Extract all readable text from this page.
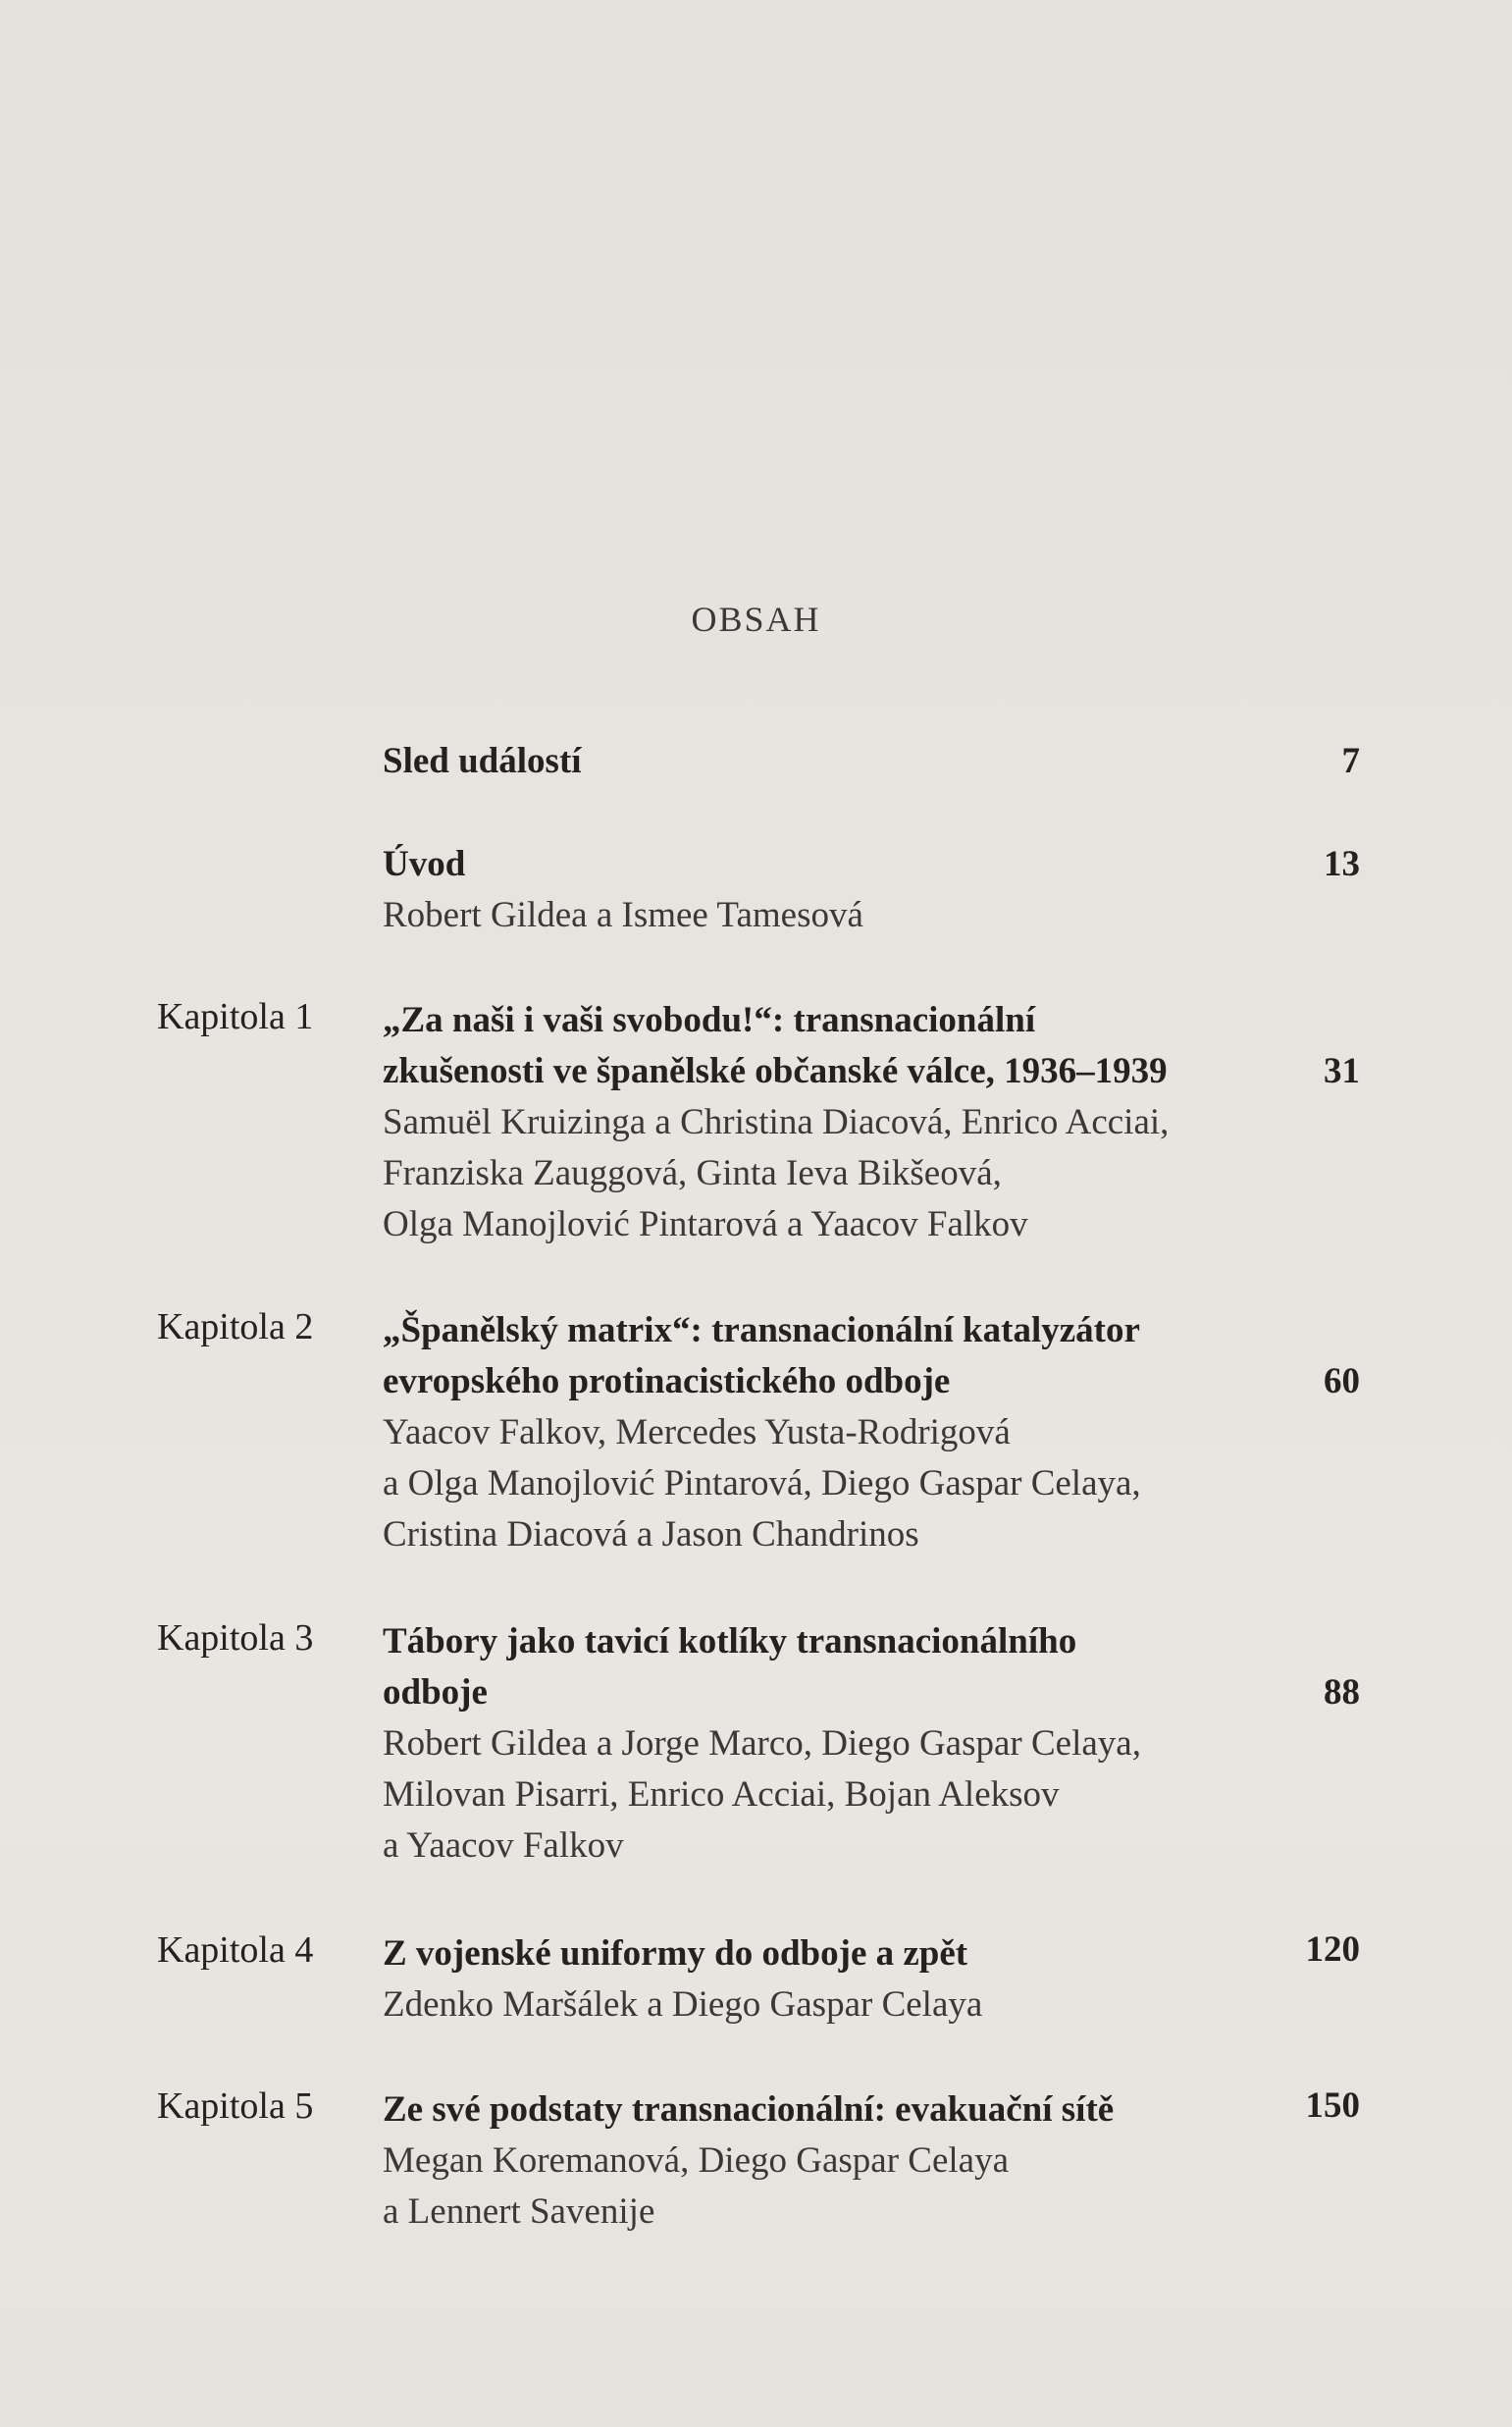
OBSAH
Sled událostí	7
Úvod
Robert Gildea a Ismee Tamesová
13
Kapitola 1 „Za naši i vaši svobodu!“: transnacionální
zkušenosti ve španělské občanské válce, 1936–1939
Samuël Kruizinga a Christina Diacová, Enrico Acciai,
Franziska Zauggová, Ginta Ieva Bikšeová,
Olga Manojlović Pintarová a Yaacov Falkov
31
Kapitola 2 „Španělský matrix“: transnacionální katalyzátor
evropského protinacistického odboje
Yaacov Falkov, Mercedes Yusta-Rodrigová
a Olga Manojlović Pintarová, Diego Gaspar Celaya,
Cristina Diacová a Jason Chandrinos
60
Kapitola 3 Tábory jako tavicí kotlíky transnacionálního
odboje
Robert Gildea a Jorge Marco, Diego Gaspar Celaya,
Milovan Pisarri, Enrico Acciai, Bojan Aleksov
a Yaacov Falkov
88
Kapitola 4 Z vojenské uniformy do odboje a zpět
Zdenko Maršálek a Diego Gaspar Celaya
120
Kapitola 5 Ze své podstaty transnacionální: evakuační sítě
Megan Koremanová, Diego Gaspar Celaya
a Lennert Savenije
150
